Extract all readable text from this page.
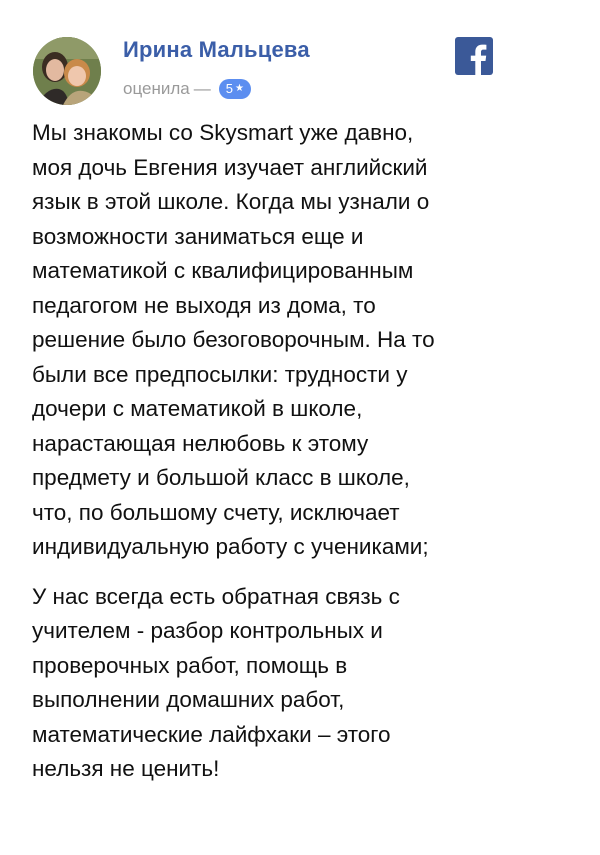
Ирина Мальцева
оценила — 5 ★

Мы знакомы со Skysmart уже давно,
моя дочь Евгения изучает английский
язык в этой школе. Когда мы узнали о
возможности заниматься еще и
математикой с квалифицированным
педагогом не выходя из дома, то
решение было безоговорочным. На то
были все предпосылки: трудности у
дочери с математикой в школе,
нарастающая нелюбовь к этому
предмету и большой класс в школе,
что, по большому счету, исключает
индивидуальную работу с учениками;

У нас всегда есть обратная связь с
учителем - разбор контрольных и
проверочных работ, помощь в
выполнении домашних работ,
математические лайфхаки – этого
нельзя не ценить!
